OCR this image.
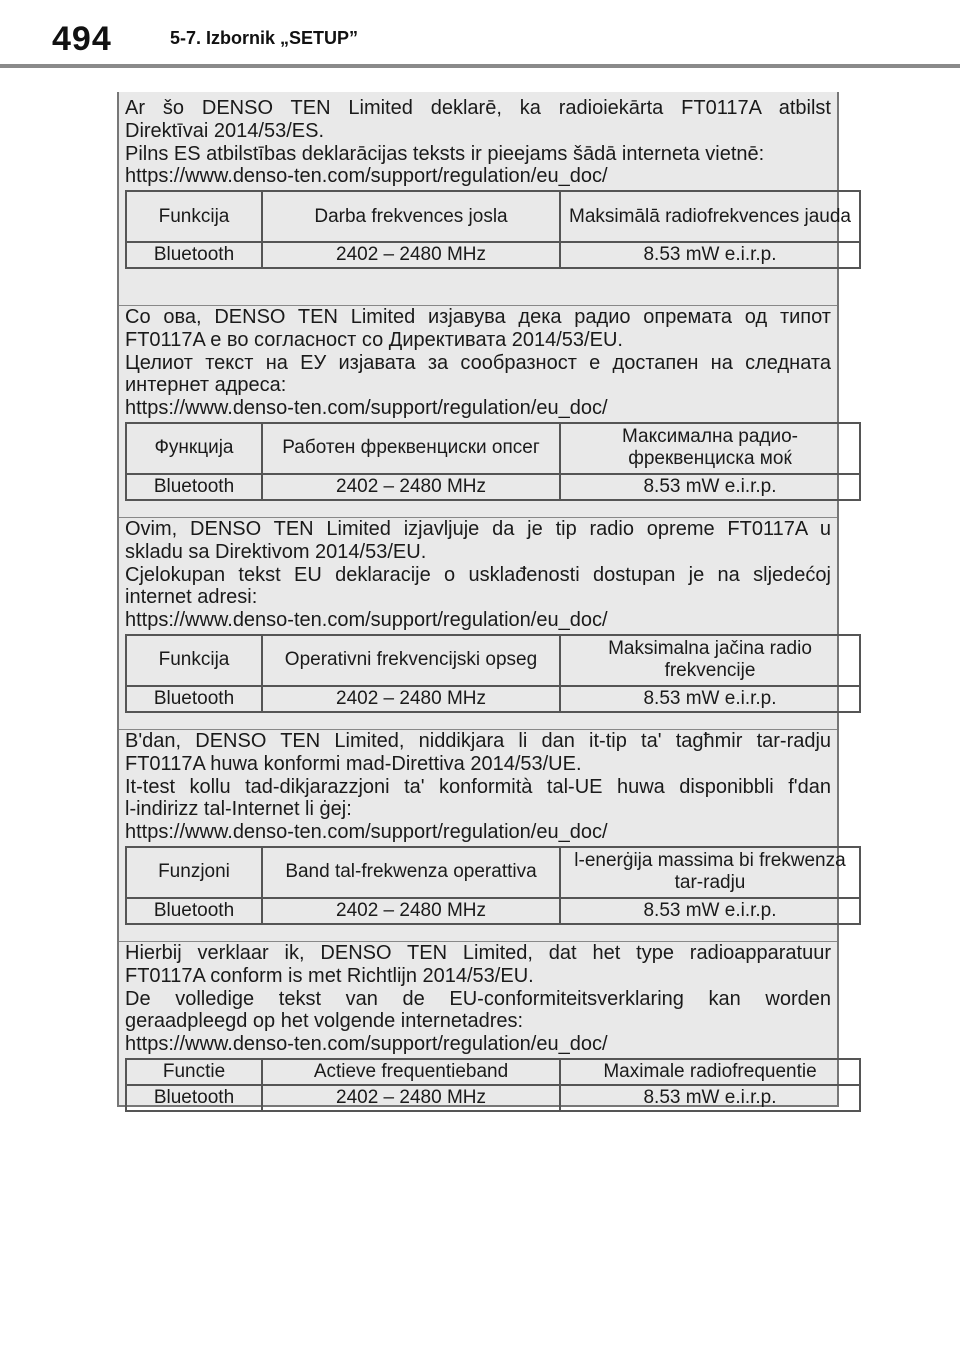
494	5-7. Izbornik „SETUP”
Ar šo DENSO TEN Limited deklarē, ka radioiekārta FT0117A atbilst
Direktīvai 2014/53/ES.
Pilns ES atbilstības deklarācijas teksts ir pieejams šādā interneta vietnē:
https://www.denso-ten.com/support/regulation/eu_doc/
Funkcija	Darba frekvences josla	Maksimālā radiofrekvences jauda
Bluetooth	2402 – 2480 MHz	8.53 mW e.i.r.p.
Со ова, DENSO TEN Limited изјавува дека радио опремата од типот
FT0117A е во согласност со Директивата 2014/53/EU.
Целиот текст на ЕУ изјавата за сообразност е достапен на следната
интернет адреса:
https://www.denso-ten.com/support/regulation/eu_doc/
Функција	Работен фреквенциски опсег	Максимална радио-фреквенциска моќ
Bluetooth	2402 – 2480 MHz	8.53 mW e.i.r.p.
Ovim, DENSO TEN Limited izjavljuje da je tip radio opreme FT0117A u
skladu sa Direktivom 2014/53/EU.
Cjelokupan tekst EU deklaracije o usklađenosti dostupan je na sljedećoj
internet adresi:
https://www.denso-ten.com/support/regulation/eu_doc/
Funkcija	Operativni frekvencijski opseg	Maksimalna jačina radio frekvencije
Bluetooth	2402 – 2480 MHz	8.53 mW e.i.r.p.
B'dan, DENSO TEN Limited, niddikjara li dan it-tip ta' tagħmir tar-radju
FT0117A huwa konformi mad-Direttiva 2014/53/UE.
It-test kollu tad-dikjarazzjoni ta' konformità tal-UE huwa disponibbli f'dan
l-indirizz tal-Internet li ġej:
https://www.denso-ten.com/support/regulation/eu_doc/
Funzjoni	Band tal-frekwenza operattiva	l-enerġija massima bi frekwenza tar-radju
Bluetooth	2402 – 2480 MHz	8.53 mW e.i.r.p.
Hierbij verklaar ik, DENSO TEN Limited, dat het type radioapparatuur
FT0117A conform is met Richtlijn 2014/53/EU.
De volledige tekst van de EU-conformiteitsverklaring kan worden
geraadpleegd op het volgende internetadres:
https://www.denso-ten.com/support/regulation/eu_doc/
Functie	Actieve frequentieband	Maximale radiofrequentie
Bluetooth	2402 – 2480 MHz	8.53 mW e.i.r.p.
